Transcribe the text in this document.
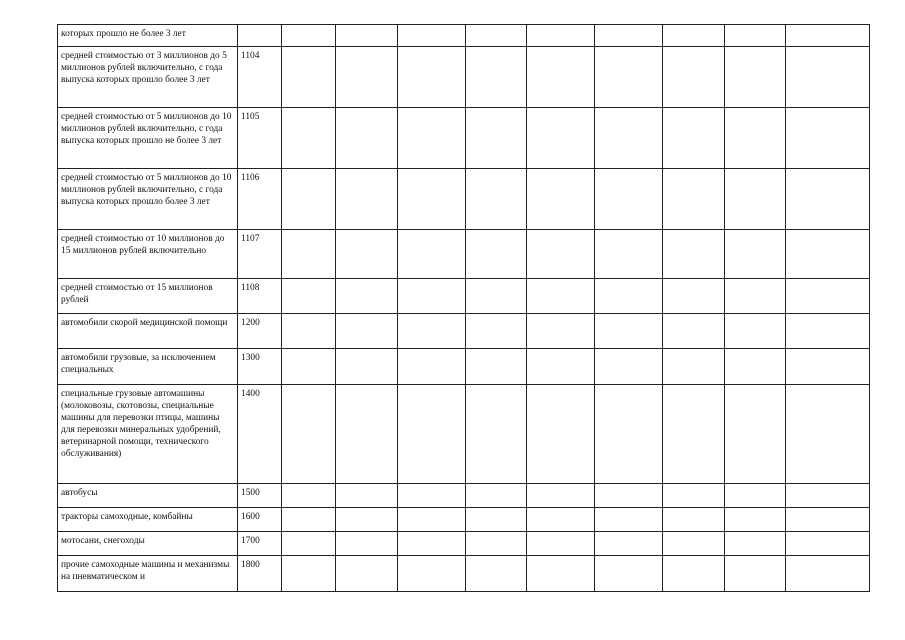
которых прошло не более 3 лет										
средней стоимостью от 3 миллионов до 5 миллионов рублей включительно, с года выпуска которых прошло более 3 лет	1104									
средней стоимостью от 5 миллионов до 10 миллионов рублей включительно, с года выпуска которых прошло не более 3 лет	1105									
средней стоимостью от 5 миллионов до 10 миллионов рублей включительно, с года выпуска которых прошло более 3 лет	1106									
средней стоимостью от 10 миллионов до 15 миллионов рублей включительно	1107									
средней стоимостью от 15 миллионов рублей	1108									
автомобили скорой медицинской помощи	1200									
автомобили грузовые, за исключением специальных	1300									
специальные грузовые автомашины (молоковозы, скотовозы, специальные машины для перевозки птицы, машины для перевозки минеральных удобрений, ветеринарной помощи, технического обслуживания)	1400									
автобусы	1500									
тракторы самоходные, комбайны	1600									
мотосани, снегоходы	1700									
прочие самоходные машины и механизмы на пневматическом и	1800									
